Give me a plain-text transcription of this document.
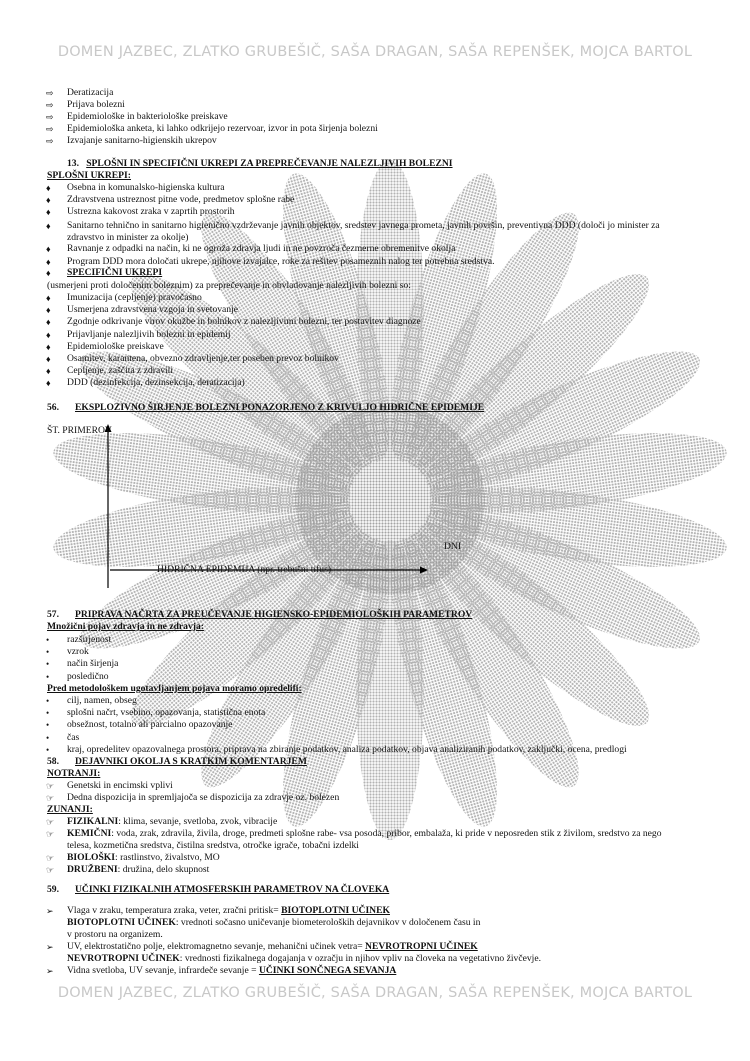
DOMEN JAZBEC, ZLATKO GRUBEŠIČ, SAŠA DRAGAN, SAŠA REPENŠEK, MOJCA BARTOL
⇨ Deratizacija
⇨ Prijava bolezni
⇨ Epidemiološke in bakteriološke preiskave
⇨ Epidemiološka anketa, ki lahko odkrijejo rezervoar, izvor in pota širjenja bolezni
⇨ Izvajanje sanitarno-higienskih ukrepov
13. SPLOŠNI IN SPECIFIČNI UKREPI ZA PREPREČEVANJE NALEZLJIVIH BOLEZNI
SPLOŠNI UKREPI:
♦ Osebna in komunalsko-higienska kultura
♦ Zdravstvena ustreznost pitne vode, predmetov splošne rabe
♦ Ustrezna kakovost zraka v zaprtih prostorih
♦ Sanitarno tehnično in sanitarno higienično vzdrževanje javnih objektov, sredstev javnega prometa, javnih površin, preventivna DDD (določi jo minister za
zdravstvo in minister za okolje)
♦ Ravnanje z odpadki na način, ki ne ogroža zdravja ljudi in ne povzroča čezmerne obremenitve okolja
♦ Program DDD mora določati ukrepe, njihove izvajalce, roke za rešitev posameznih nalog ter potrebna sredstva.
♦ SPECIFIČNI UKREPI
(usmerjeni proti določenim boleznim) za preprečevanje in obvladovanje nalezljivih bolezni so:
♦ Imunizacija (cepljenje) pravočasno
♦ Usmerjena zdravstvena vzgoja in svetovanje
♦ Zgodnje odkrivanje virov okužbe in bolnikov z nalezljivimi bolezni, ter postavitev diagnoze
♦ Prijavljanje nalezljivih bolezni in epidemij
♦ Epidemiološke preiskave
♦ Osamitev, karantena, obvezno zdravljenje,ter poseben prevoz bolnikov
♦ Cepljenje, zaščita z zdravili
♦ DDD (dezinfekcija, dezinsekcija, deratizacija)
56. EKSPLOZIVNO ŠIRJENJE BOLEZNI PONAZORJENO Z KRIVULJO HIDRIČNE EPIDEMIJE
ŠT. PRIMEROV
DNI
HIDRIČNA EPIDEMIJA (npr. trebušni tifus)
57. PRIPRAVA NAČRTA ZA PREUČEVANJE HIGIENSKO-EPIDEMIOLOŠKIH PARAMETROV
Množični pojav zdravja in ne zdravja:
• razširjenost
• vzrok
• način širjenja
• posledično
Pred metodološkem ugotavljanjem pojava moramo opredelifi:
• cilj, namen, obseg
• splošni načrt, vsebino, opazovanja, statistična enota
• obsežnost, totalno ali parcialno opazovanje
• čas
• kraj, opredelitev opazovalnega prostora, priprava na zbiranje podatkov, analiza podatkov, objava analiziranih podatkov, zaključki, ocena, predlogi
58. DEJAVNIKI OKOLJA S KRATKIM KOMENTARJEM
NOTRANJI:
☞ Genetski in encimski vplivi
☞ Dedna dispozicija in spremljajoča se dispozicija za zdravje oz. bolezen
ZUNANJI:
☞ FIZIKALNI: klima, sevanje, svetloba, zvok, vibracije
☞ KEMIČNI: voda, zrak, zdravila, živila, droge, predmeti splošne rabe- vsa posoda, pribor, embalaža, ki pride v neposreden stik z živilom, sredstvo za nego
☞ BIOLOŠKI: rastlinstvo, živalstvo, MO
☞ DRUŽBENI: družina, delo skupnost
telesa, kozmetična sredstva, čistilna sredstva, otročke igrače, tobačni izdelki
59. UČINKI FIZIKALNIH ATMOSFERSKIH PARAMETROV NA ČLOVEKA
➢ Vlaga v zraku, temperatura zraka, veter, zračni pritisk= BIOTOPLOTNI UČINEK
BIOTOPLOTNI UČINEK: vrednoti sočasno uničevanje biometeroloških dejavnikov v določenem času in
v prostoru na organizem.
➢ UV, elektrostatično polje, elektromagnetno sevanje, mehanični učinek vetra= NEVROTROPNI UČINEK
NEVROTROPNI UČINEK: vrednosti fizikalnega dogajanja v ozračju in njihov vpliv na človeka na vegetativno živčevje.
➢ Vidna svetloba, UV sevanje, infrardeče sevanje = UČINKI SONČNEGA SEVANJA
DOMEN JAZBEC, ZLATKO GRUBEŠIČ, SAŠA DRAGAN, SAŠA REPENŠEK, MOJCA BARTOL
